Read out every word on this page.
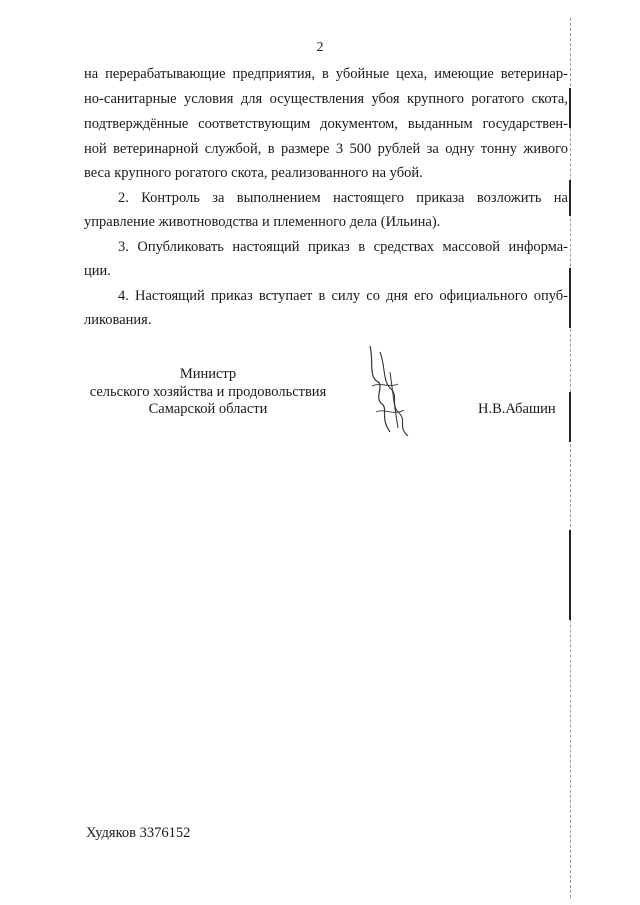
2
на перерабатывающие предприятия, в убойные цеха, имеющие ветеринар-
но-санитарные условия для осуществления убоя крупного рогатого скота,
подтверждённые соответствующим документом, выданным государствен-
ной ветеринарной службой, в размере 3 500 рублей за одну тонну живого
веса крупного рогатого скота, реализованного на убой.
2. Контроль за выполнением настоящего приказа возложить на
управление животноводства и племенного дела (Ильина).
3. Опубликовать настоящий приказ в средствах массовой информа-
ции.
4. Настоящий приказ вступает в силу со дня его официального опуб-
ликования.
Министр
сельского хозяйства и продовольствия
Самарской области	Н.В.Абашин
Худяков 3376152
